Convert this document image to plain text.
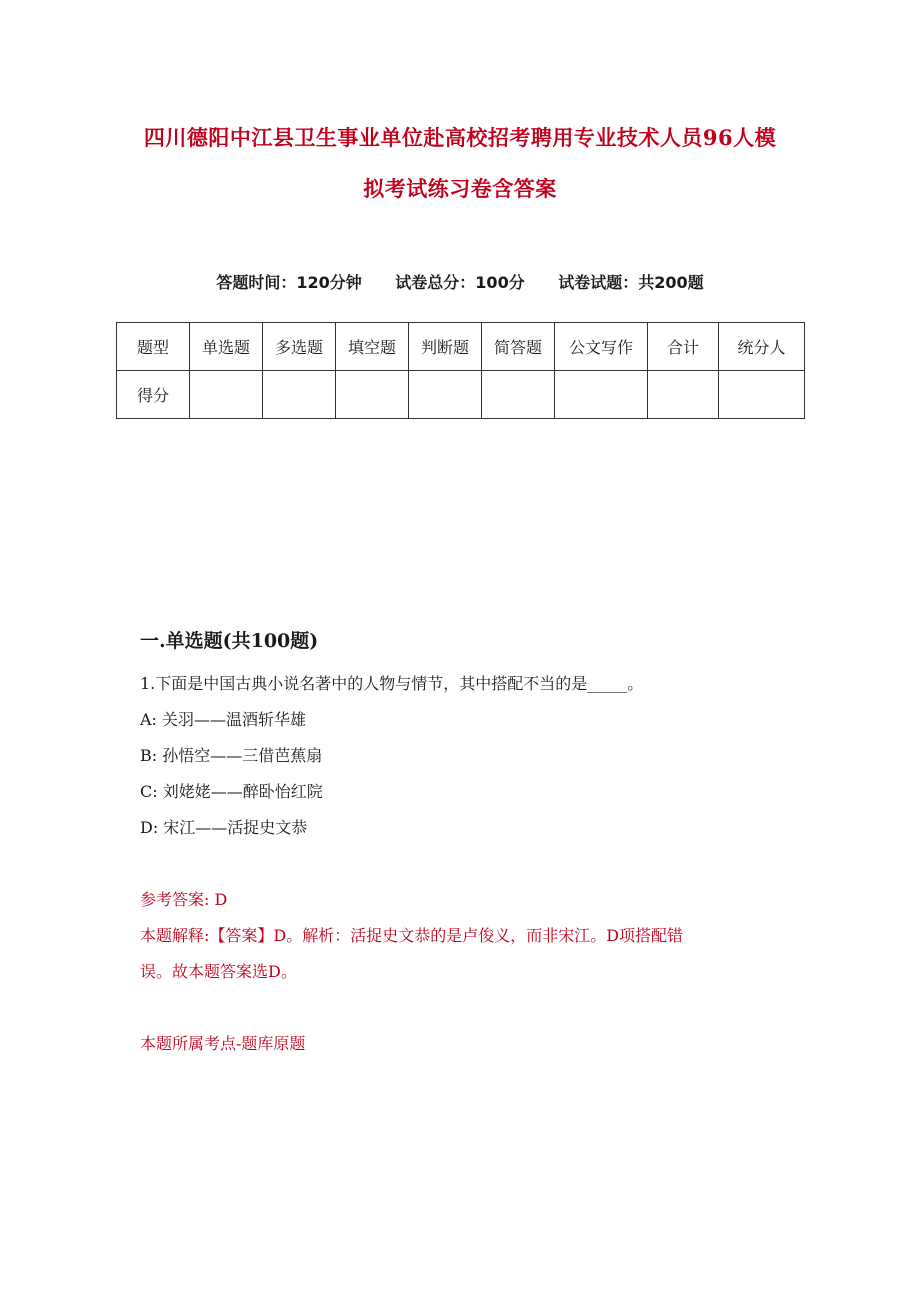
四川德阳中江县卫生事业单位赴高校招考聘用专业技术人员96人模
拟考试练习卷含答案
答题时间：120分钟 试卷总分：100分 试卷试题：共200题
题型	单选题	多选题	填空题	判断题	简答题	公文写作	合计	统分人
得分								
一.单选题(共100题)
1.下面是中国古典小说名著中的人物与情节，其中搭配不当的是_____。
A: 关羽——温酒斩华雄
B: 孙悟空——三借芭蕉扇
C: 刘姥姥——醉卧怡红院
D: 宋江——活捉史文恭
参考答案: D
本题解释:【答案】D。解析：活捉史文恭的是卢俊义，而非宋江。D项搭配错
误。故本题答案选D。
本题所属考点-题库原题
